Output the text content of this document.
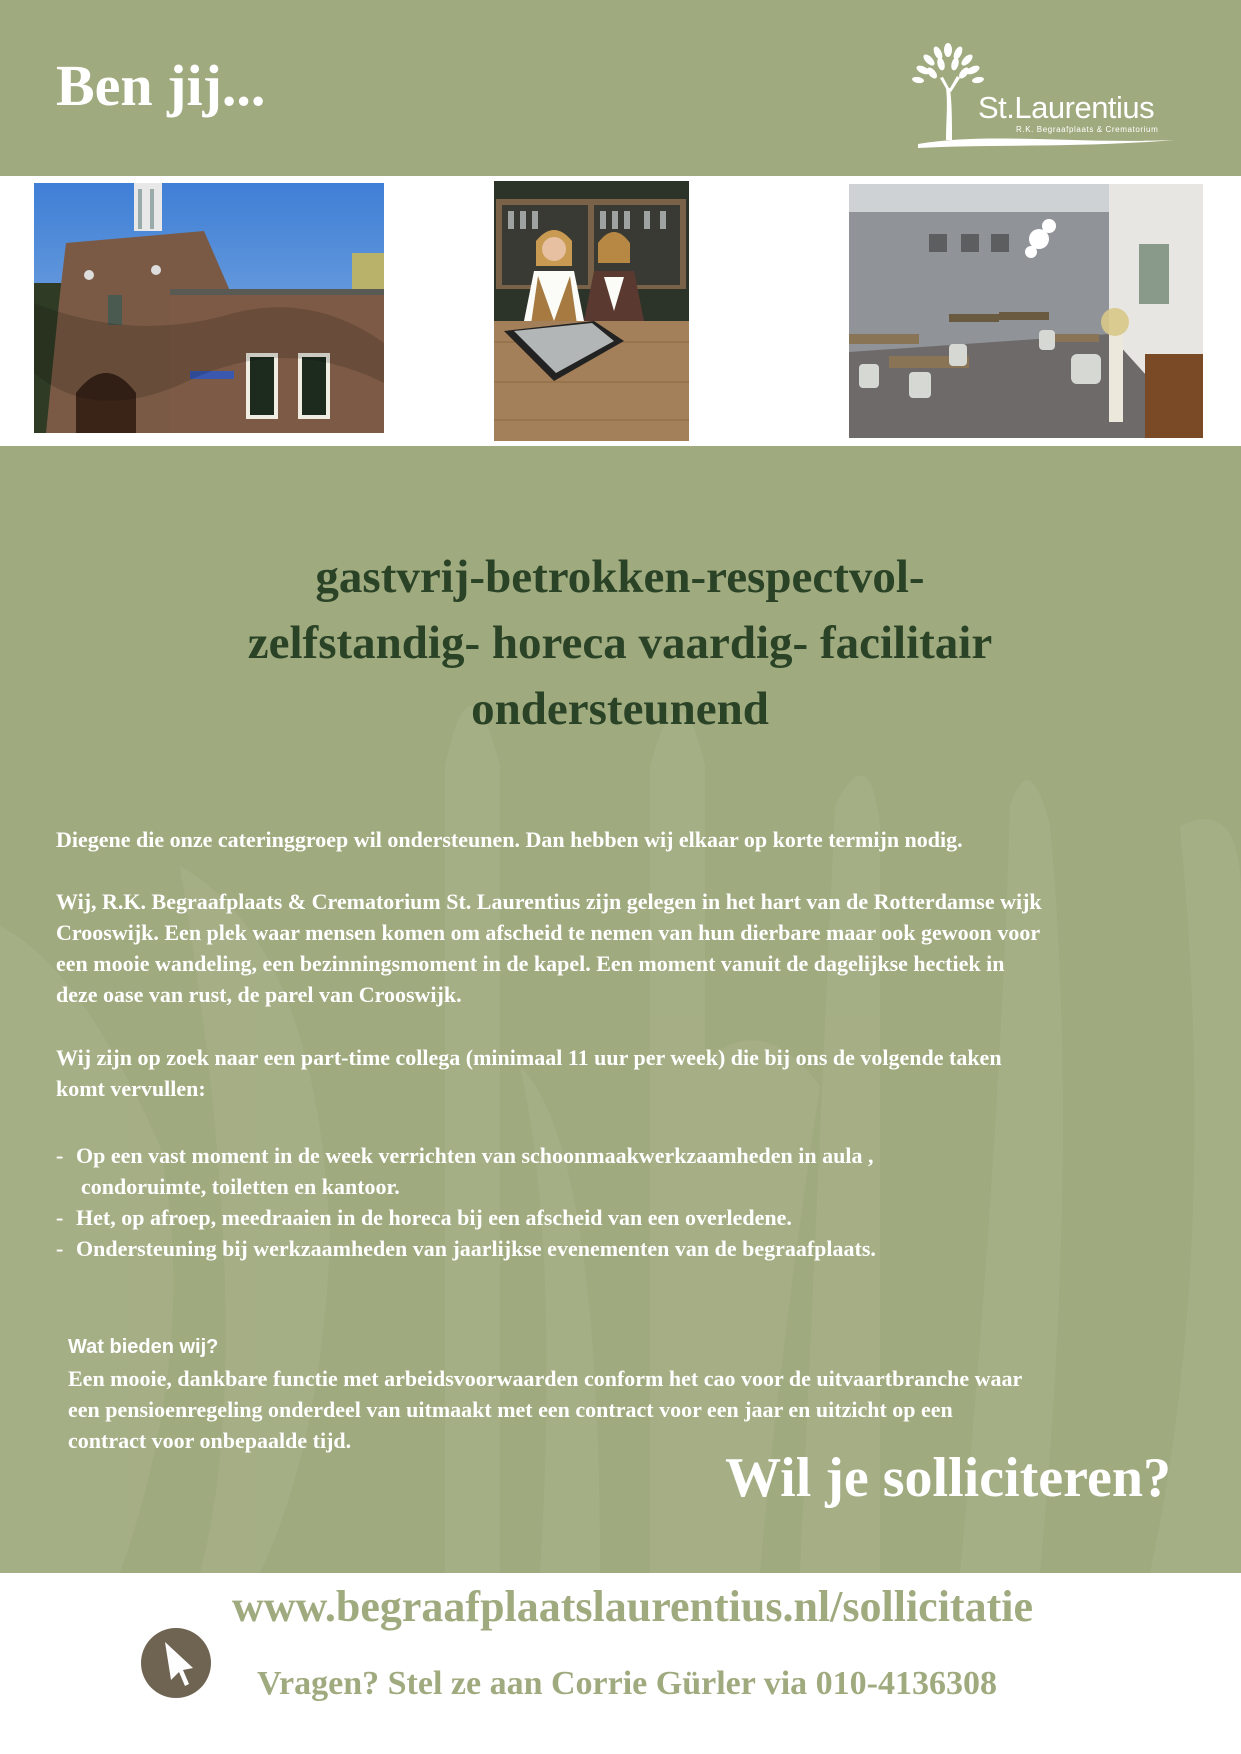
Ben jij...	St.Laurentius
R.K. Begraafplaats & Crematorium
gastvrij-betrokken-respectvol-
zelfstandig- horeca vaardig- facilitair
ondersteunend
Diegene die onze cateringgroep wil ondersteunen. Dan hebben wij elkaar op korte termijn nodig.
Wij, R.K. Begraafplaats & Crematorium St. Laurentius zijn gelegen in het hart van de Rotterdamse wijk
Crooswijk. Een plek waar mensen komen om afscheid te nemen van hun dierbare maar ook gewoon voor
een mooie wandeling, een bezinningsmoment in de kapel. Een moment vanuit de dagelijkse hectiek in
deze oase van rust, de parel van Crooswijk.
Wij zijn op zoek naar een part-time collega (minimaal 11 uur per week) die bij ons de volgende taken
komt vervullen:
- Op een vast moment in de week verrichten van schoonmaakwerkzaamheden in aula ,
condoruimte, toiletten en kantoor.
- Het, op afroep, meedraaien in de horeca bij een afscheid van een overledene.
- Ondersteuning bij werkzaamheden van jaarlijkse evenementen van de begraafplaats.
Wat bieden wij?
Een mooie, dankbare functie met arbeidsvoorwaarden conform het cao voor de uitvaartbranche waar
een pensioenregeling onderdeel van uitmaakt met een contract voor een jaar en uitzicht op een
contract voor onbepaalde tijd.
Wil je solliciteren?
www.begraafplaatslaurentius.nl/sollicitatie
Vragen? Stel ze aan Corrie Gürler via 010-4136308
